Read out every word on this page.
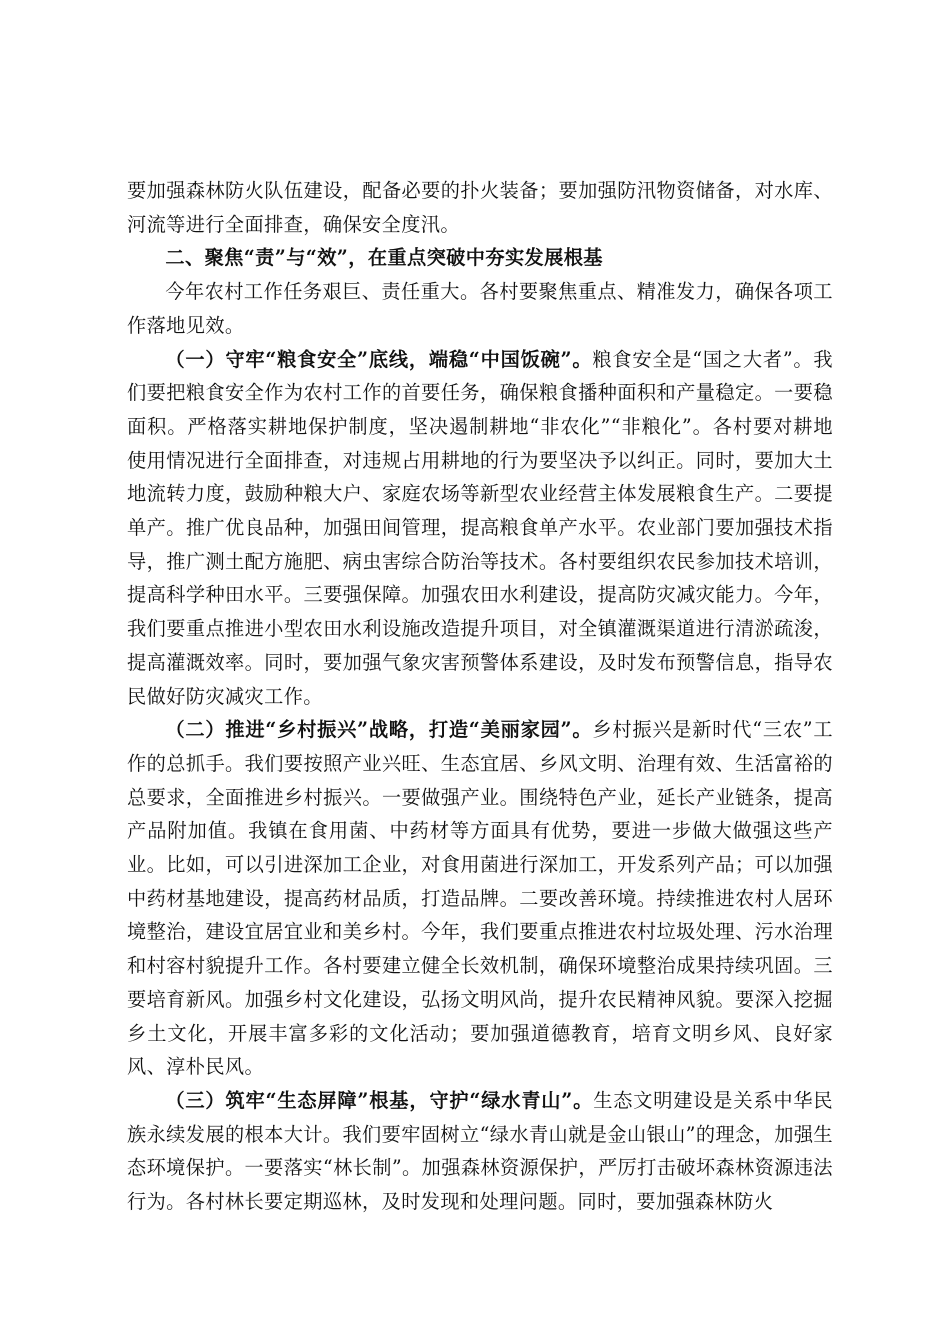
要加强森林防火队伍建设，配备必要的扑火装备；要加强防汛物资储备，对水库、河流等进行全面排查，确保安全度汛。

二、聚焦“责”与“效”，在重点突破中夯实发展根基

今年农村工作任务艰巨、责任重大。各村要聚焦重点、精准发力，确保各项工作落地见效。

（一）守牢“粮食安全”底线，端稳“中国饭碗”。粮食安全是“国之大者”。我们要把粮食安全作为农村工作的首要任务，确保粮食播种面积和产量稳定。一要稳面积。严格落实耕地保护制度，坚决遏制耕地“非农化”“非粮化”。各村要对耕地使用情况进行全面排查，对违规占用耕地的行为要坚决予以纠正。同时，要加大土地流转力度，鼓励种粮大户、家庭农场等新型农业经营主体发展粮食生产。二要提单产。推广优良品种，加强田间管理，提高粮食单产水平。农业部门要加强技术指导，推广测土配方施肥、病虫害综合防治等技术。各村要组织农民参加技术培训，提高科学种田水平。三要强保障。加强农田水利建设，提高防灾减灾能力。今年，我们要重点推进小型农田水利设施改造提升项目，对全镇灌溉渠道进行清淤疏浚，提高灌溉效率。同时，要加强气象灾害预警体系建设，及时发布预警信息，指导农民做好防灾减灾工作。

（二）推进“乡村振兴”战略，打造“美丽家园”。乡村振兴是新时代“三农”工作的总抓手。我们要按照产业兴旺、生态宜居、乡风文明、治理有效、生活富裕的总要求，全面推进乡村振兴。一要做强产业。围绕特色产业，延长产业链条，提高产品附加值。我镇在食用菌、中药材等方面具有优势，要进一步做大做强这些产业。比如，可以引进深加工企业，对食用菌进行深加工，开发系列产品；可以加强中药材基地建设，提高药材品质，打造品牌。二要改善环境。持续推进农村人居环境整治，建设宜居宜业和美乡村。今年，我们要重点推进农村垃圾处理、污水治理和村容村貌提升工作。各村要建立健全长效机制，确保环境整治成果持续巩固。三要培育新风。加强乡村文化建设，弘扬文明风尚，提升农民精神风貌。要深入挖掘乡土文化，开展丰富多彩的文化活动；要加强道德教育，培育文明乡风、良好家风、淳朴民风。

（三）筑牢“生态屏障”根基，守护“绿水青山”。生态文明建设是关系中华民族永续发展的根本大计。我们要牢固树立“绿水青山就是金山银山”的理念，加强生态环境保护。一要落实“林长制”。加强森林资源保护，严厉打击破坏森林资源违法行为。各村林长要定期巡林，及时发现和处理问题。同时，要加强森林防火
